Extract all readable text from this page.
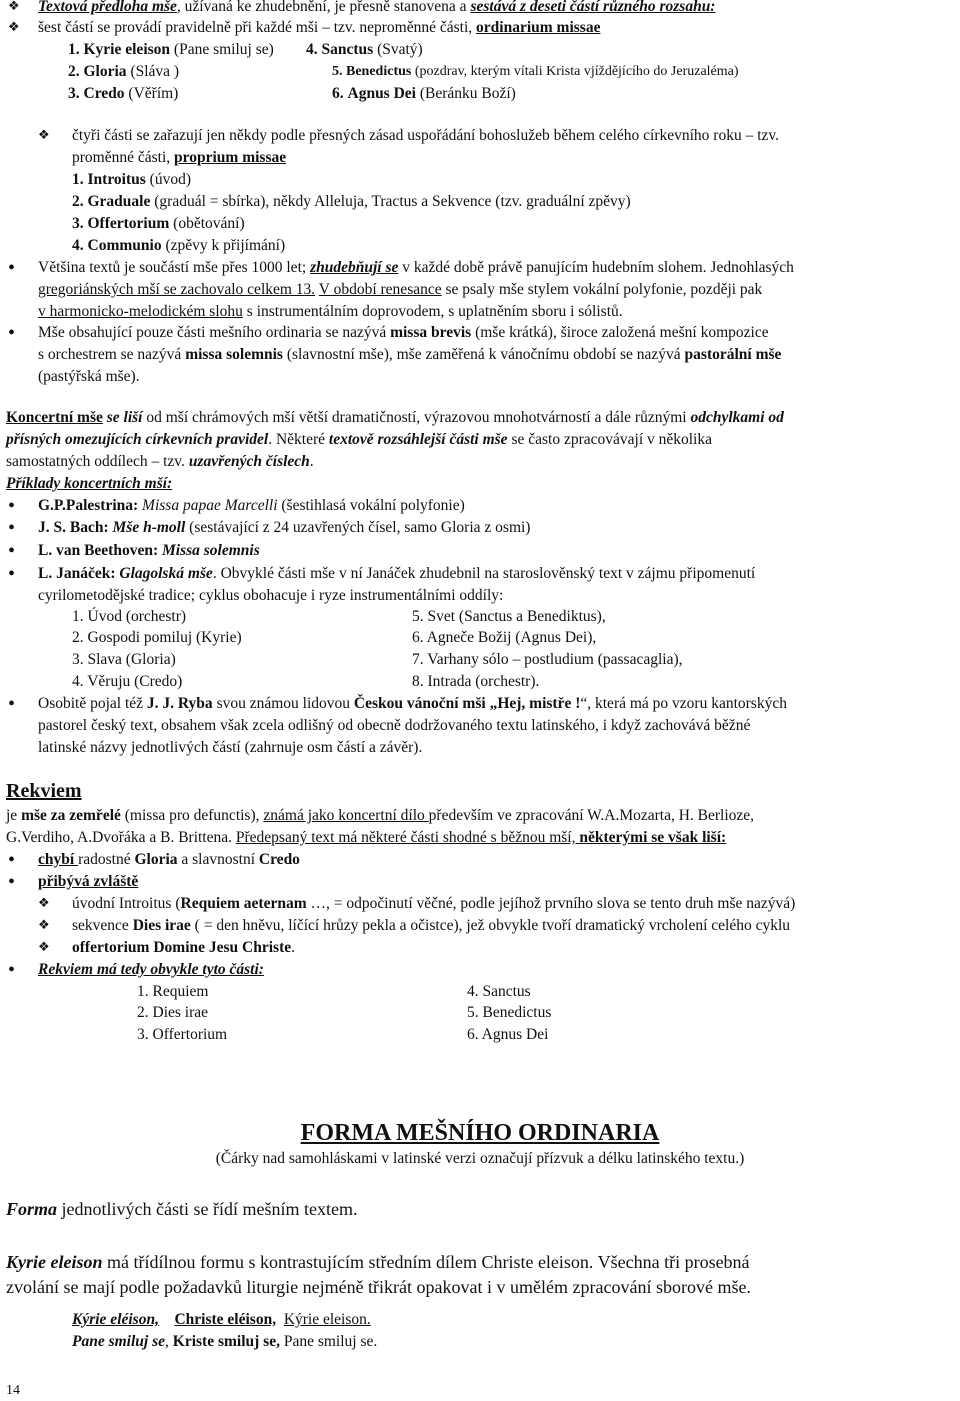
❖ Textová předloha mše, užívaná ke zhudebnění, je přesně stanovena a sestává z deseti částí různého rozsahu:
❖ šest částí se provádí pravidelně při každé mši – tzv. neproměnné části, ordinarium missae
1. Kyrie eleison (Pane smiluj se)
2. Gloria (Sláva )
3. Credo (Věřím)
4. Sanctus (Svatý)
5. Benedictus (pozdrav, kterým vítali Krista vjíždějícího do Jeruzaléma)
6. Agnus Dei (Beránku Boží)
❖ čtyři části se zařazují jen někdy podle přesných zásad uspořádání bohoslužeb během celého církevního roku – tzv.
proměnné části, proprium missae
1. Introitus (úvod)
2. Graduale (graduál = sbírka), někdy Alleluja, Tractus a Sekvence (tzv. graduální zpěvy)
3. Offertorium (obětování)
4. Communio (zpěvy k přijímání)
• Většina textů je součástí mše přes 1000 let; zhudebňují se v každé době právě panujícím hudebním slohem. Jednohlasých
gregoriánských mší se zachovalo celkem 13. V období renesance se psaly mše stylem vokální polyfonie, později pak
v harmonicko-melodickém slohu s instrumentálním doprovodem, s uplatněním sboru i sólistů.
• Mše obsahující pouze části mešního ordinaria se nazývá missa brevis (mše krátká), široce založená mešní kompozice
s orchestrem se nazývá missa solemnis (slavnostní mše), mše zaměřená k vánočnímu období se nazývá pastorální mše
(pastýřská mše).
Koncertní mše se liší od mší chrámových mší větší dramatičností, výrazovou mnohotvárností a dále různými odchylkami od
přísných omezujících církevních pravidel. Některé textově rozsáhlejší části mše se často zpracovávají v několika
samostatných oddílech – tzv. uzavřených číslech.
Příklady koncertních mší:
• G.P.Palestrina: Missa papae Marcelli (šestihlasá vokální polyfonie)
• J. S. Bach: Mše h-moll (sestávající z 24 uzavřených čísel, samo Gloria z osmi)
• L. van Beethoven: Missa solemnis
• L. Janáček: Glagolská mše. Obvyklé části mše v ní Janáček zhudebnil na staroslověnský text v zájmu připomenutí
cyrilometodějské tradice; cyklus obohacuje i ryze instrumentálními oddíly:
1. Úvod (orchestr)
2. Gospodi pomiluj (Kyrie)
3. Slava (Gloria)
4. Věruju (Credo)
5. Svet (Sanctus a Benediktus),
6. Agneče Božij (Agnus Dei),
7. Varhany sólo – postludium (passacaglia),
8. Intrada (orchestr).
• Osobitě pojal též J. J. Ryba svou známou lidovou Českou vánoční mši „Hej, mistře !“, která má po vzoru kantorských
pastorel český text, obsahem však zcela odlišný od obecně dodržovaného textu latinského, i když zachovává běžné
latinské názvy jednotlivých částí (zahrnuje osm částí a závěr).
Rekviem
je mše za zemřelé (missa pro defunctis), známá jako koncertní dílo především ve zpracování W.A.Mozarta, H. Berlioze,
G.Verdiho, A.Dvořáka a B. Brittena. Předepsaný text má některé části shodné s běžnou mší, některými se však liší:
• chybí radostné Gloria a slavnostní Credo
• přibývá zvláště
❖ úvodní Introitus (Requiem aeternam …, = odpočinutí věčné, podle jejíhož prvního slova se tento druh mše nazývá)
❖ sekvence Dies irae ( = den hněvu, líčící hrůzy pekla a očistce), jež obvykle tvoří dramatický vrcholení celého cyklu
❖ offertorium Domine Jesu Christe.
• Rekviem má tedy obvykle tyto části:
1. Requiem
2. Dies irae
3. Offertorium
4. Sanctus
5. Benedictus
6. Agnus Dei
FORMA MEŠNÍHO ORDINARIA
(Čárky nad samohláskami v latinské verzi označují přízvuk a délku latinského textu.)
Forma jednotlivých části se řídí mešním textem.
Kyrie eleison má třídílnou formu s kontrastujícím středním dílem Christe eleison. Všechna tři prosebná
zvolání se mají podle požadavků liturgie nejméně třikrát opakovat i v umělém zpracování sborové mše.
Kýrie eléison, Christe eléison, Kýrie eleison.
Pane smiluj se, Kriste smiluj se, Pane smiluj se.
14
